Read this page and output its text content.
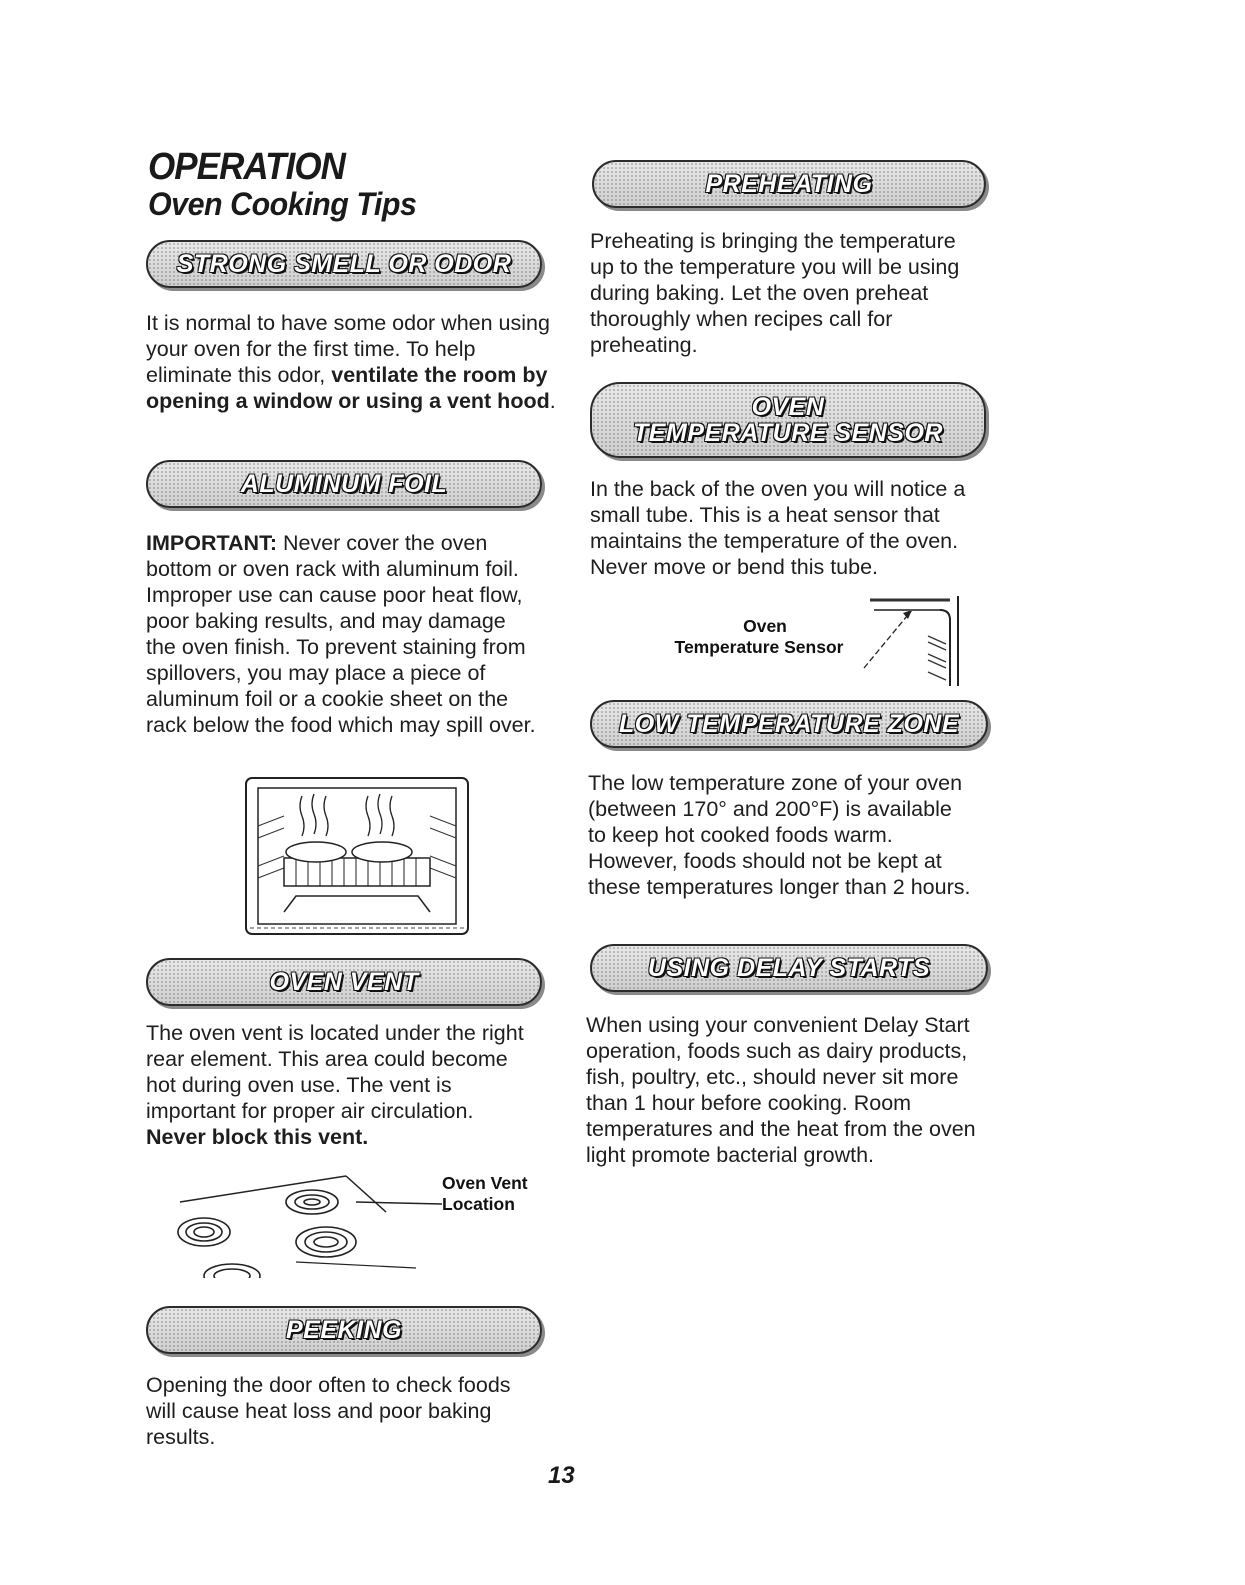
OPERATION
Oven Cooking Tips
STRONG SMELL OR ODOR
It is normal to have some odor when using your oven for the first time. To help eliminate this odor, ventilate the room by opening a window or using a vent hood.
ALUMINUM FOIL
IMPORTANT: Never cover the oven bottom or oven rack with aluminum foil. Improper use can cause poor heat flow, poor baking results, and may damage the oven finish. To prevent staining from spillovers, you may place a piece of aluminum foil or a cookie sheet on the rack below the food which may spill over.
OVEN VENT
The oven vent is located under the right rear element. This area could become hot during oven use. The vent is important for proper air circulation. Never block this vent.
Oven Vent
Location
PEEKING
Opening the door often to check foods will cause heat loss and poor baking results.
PREHEATING
Preheating is bringing the temperature up to the temperature you will be using during baking. Let the oven preheat thoroughly when recipes call for preheating.
OVEN
TEMPERATURE SENSOR
In the back of the oven you will notice a small tube. This is a heat sensor that maintains the temperature of the oven. Never move or bend this tube.
Oven
Temperature Sensor
LOW TEMPERATURE ZONE
The low temperature zone of your oven (between 170° and 200°F) is available to keep hot cooked foods warm. However, foods should not be kept at these temperatures longer than 2 hours.
USING DELAY STARTS
When using your convenient Delay Start operation, foods such as dairy products, fish, poultry, etc., should never sit more than 1 hour before cooking. Room temperatures and the heat from the oven light promote bacterial growth.
13
